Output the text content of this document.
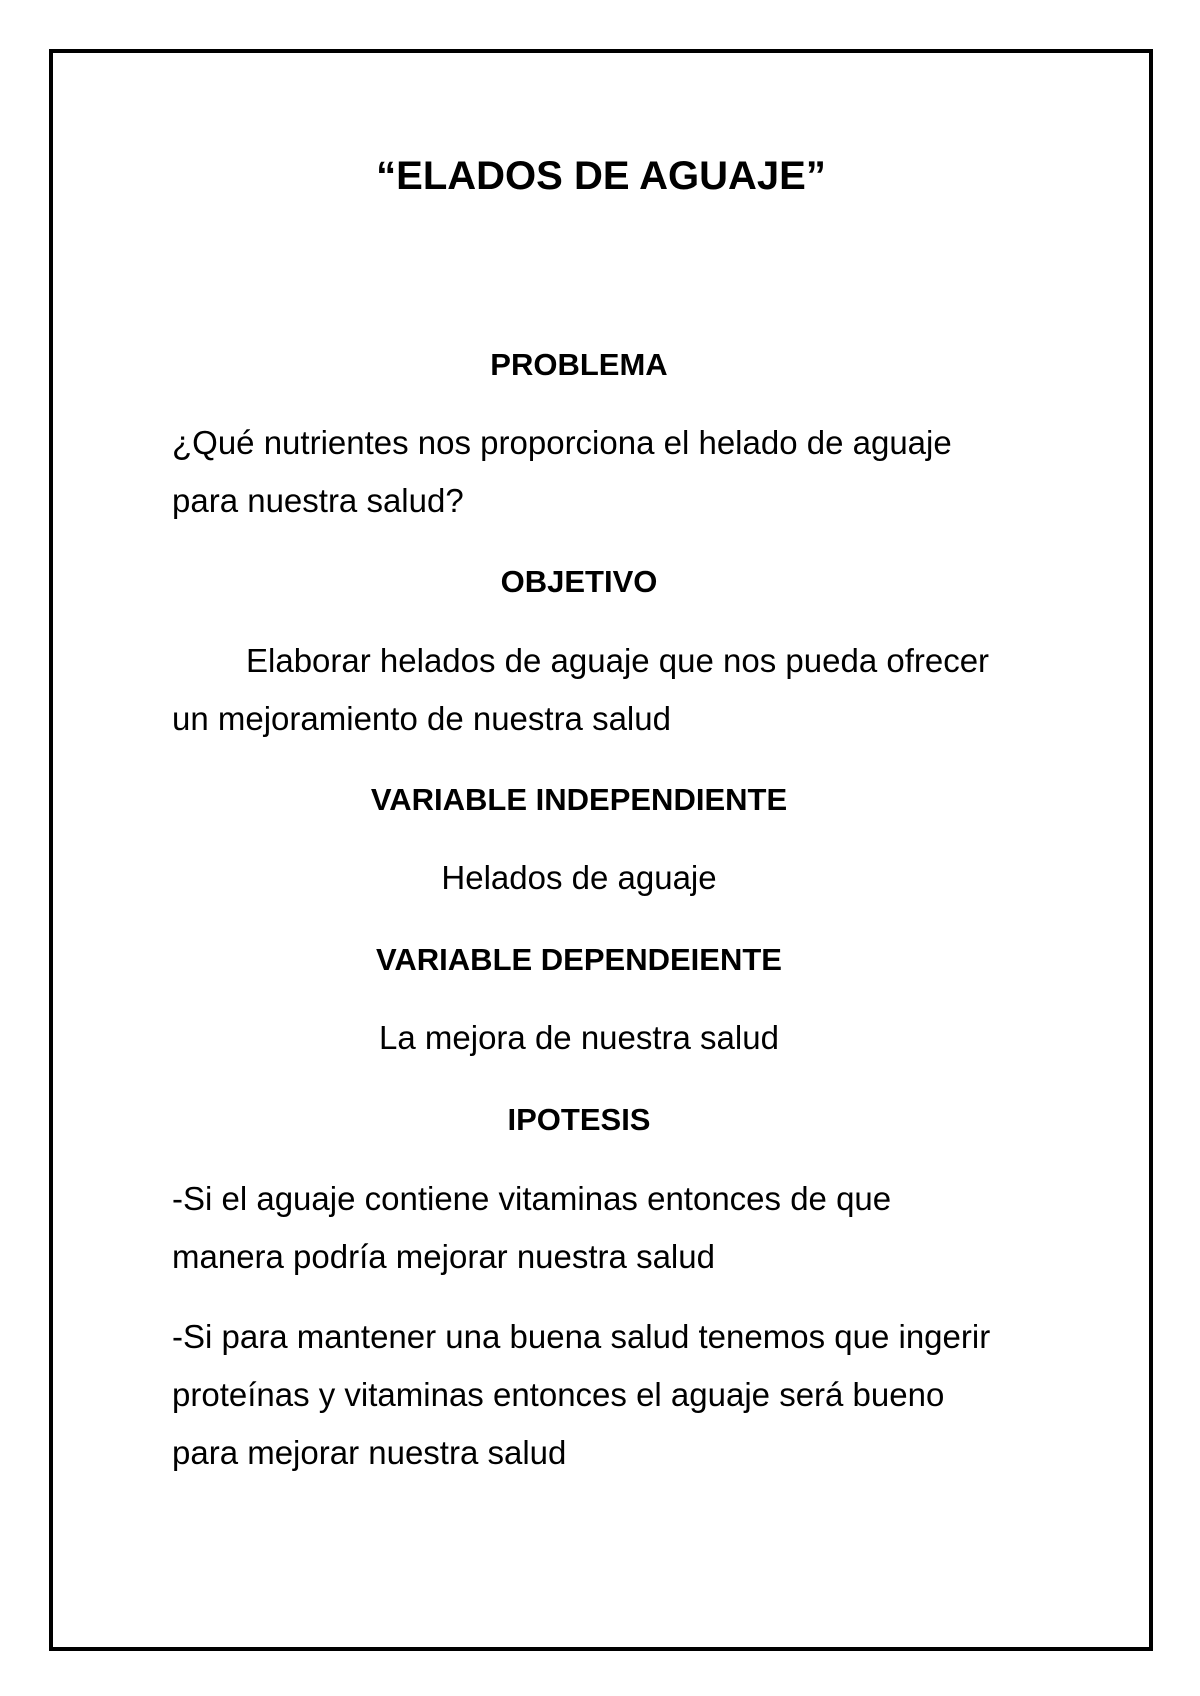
“ELADOS DE AGUAJE”
PROBLEMA

¿Qué nutrientes nos proporciona el helado de aguaje para nuestra salud?

OBJETIVO

Elaborar helados de aguaje que nos pueda ofrecer un mejoramiento de nuestra salud

VARIABLE INDEPENDIENTE

Helados de aguaje

VARIABLE DEPENDEIENTE

La mejora de nuestra salud

IPOTESIS

-Si el aguaje contiene vitaminas entonces de que manera podría mejorar nuestra salud

-Si para mantener una buena salud tenemos que ingerir proteínas y vitaminas entonces el aguaje será bueno para mejorar nuestra salud
